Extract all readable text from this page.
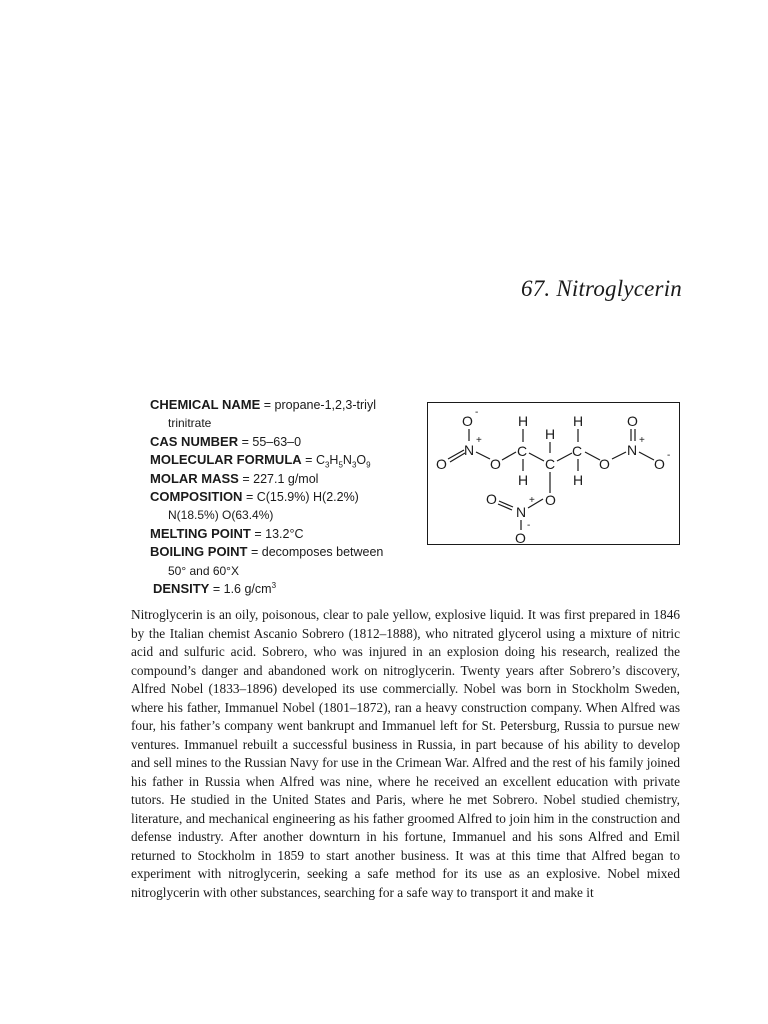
67. Nitroglycerin
CHEMICAL NAME = propane-1,2,3-triyl
trinitrate
CAS NUMBER = 55–63–0
MOLECULAR FORMULA = $C_3H_5N_3O_9$
MOLAR MASS = 227.1 g/mol
COMPOSITION = C(15.9%) H(2.2%)
N(18.5%) O(63.4%)
MELTING POINT = 13.2°C
BOILING POINT = decomposes between
50° and 60°X
DENSITY = 1.6 $g/cm^3$
O
-
N
+
O	O
H
C
H
H
C
H
C
H
O
N
+
O
O
-
O
O
N
+
-
O
Nitroglycerin is an oily, poisonous, clear to pale yellow, explosive liquid. It was first prepared in 1846 by the Italian chemist Ascanio Sobrero (1812–1888), who nitrated glycerol using a mixture of nitric acid and sulfuric acid. Sobrero, who was injured in an explosion doing his research, realized the compound’s danger and abandoned work on nitroglycerin. Twenty years after Sobrero’s discovery, Alfred Nobel (1833–1896) developed its use commercially. Nobel was born in Stockholm Sweden, where his father, Immanuel Nobel (1801–1872), ran a heavy construction company. When Alfred was four, his father’s company went bankrupt and Immanuel left for St. Petersburg, Russia to pursue new ventures. Immanuel rebuilt a successful business in Russia, in part because of his ability to develop and sell mines to the Russian Navy for use in the Crimean War. Alfred and the rest of his family joined his father in Russia when Alfred was nine, where he received an excellent education with private tutors. He studied in the United States and Paris, where he met Sobrero. Nobel studied chemistry, literature, and mechanical engineering as his father groomed Alfred to join him in the construction and defense industry. After another downturn in his fortune, Immanuel and his sons Alfred and Emil returned to Stockholm in 1859 to start another business. It was at this time that Alfred began to experiment with nitroglycerin, seeking a safe method for its use as an explosive. Nobel mixed nitroglycerin with other substances, searching for a safe way to transport it and make it
